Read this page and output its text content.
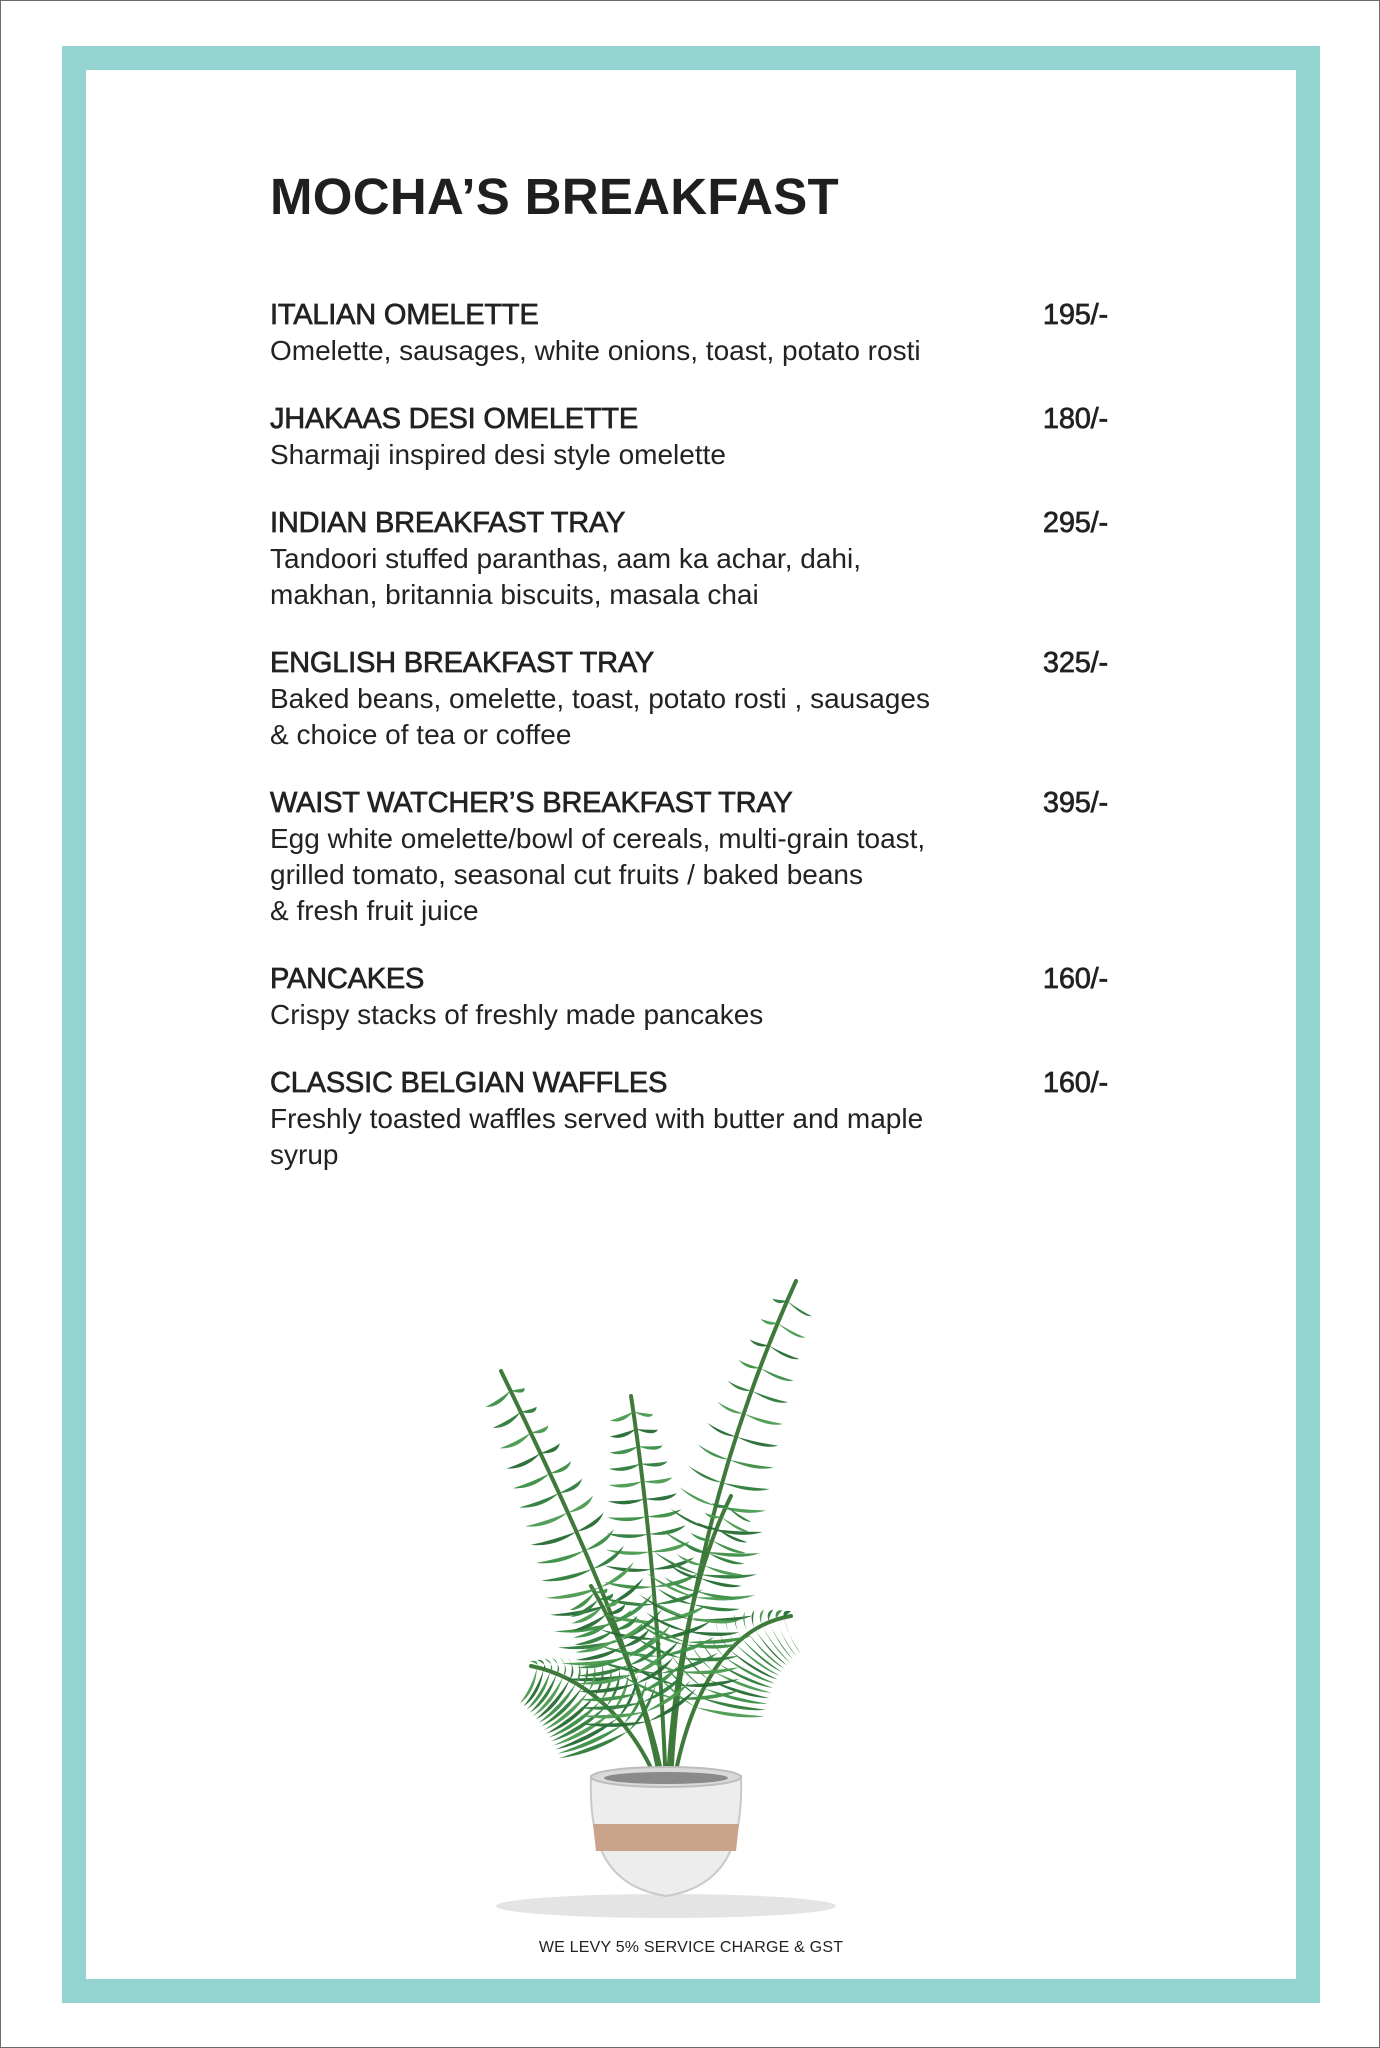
MOCHA’S BREAKFAST
ITALIAN OMELETTE	195/-
Omelette, sausages, white onions, toast, potato rosti
JHAKAAS DESI OMELETTE	180/-
Sharmaji inspired desi style omelette
INDIAN BREAKFAST TRAY	295/-
Tandoori stuffed paranthas, aam ka achar, dahi,
makhan, britannia biscuits, masala chai
ENGLISH BREAKFAST TRAY	325/-
Baked beans, omelette, toast, potato rosti , sausages
& choice of tea or coffee
WAIST WATCHER’S BREAKFAST TRAY	395/-
Egg white omelette/bowl of cereals, multi-grain toast,
grilled tomato, seasonal cut fruits / baked beans
& fresh fruit juice
PANCAKES	160/-
Crispy stacks of freshly made pancakes
CLASSIC BELGIAN WAFFLES	160/-
Freshly toasted waffles served with butter and maple
syrup
WE LEVY 5% SERVICE CHARGE & GST
